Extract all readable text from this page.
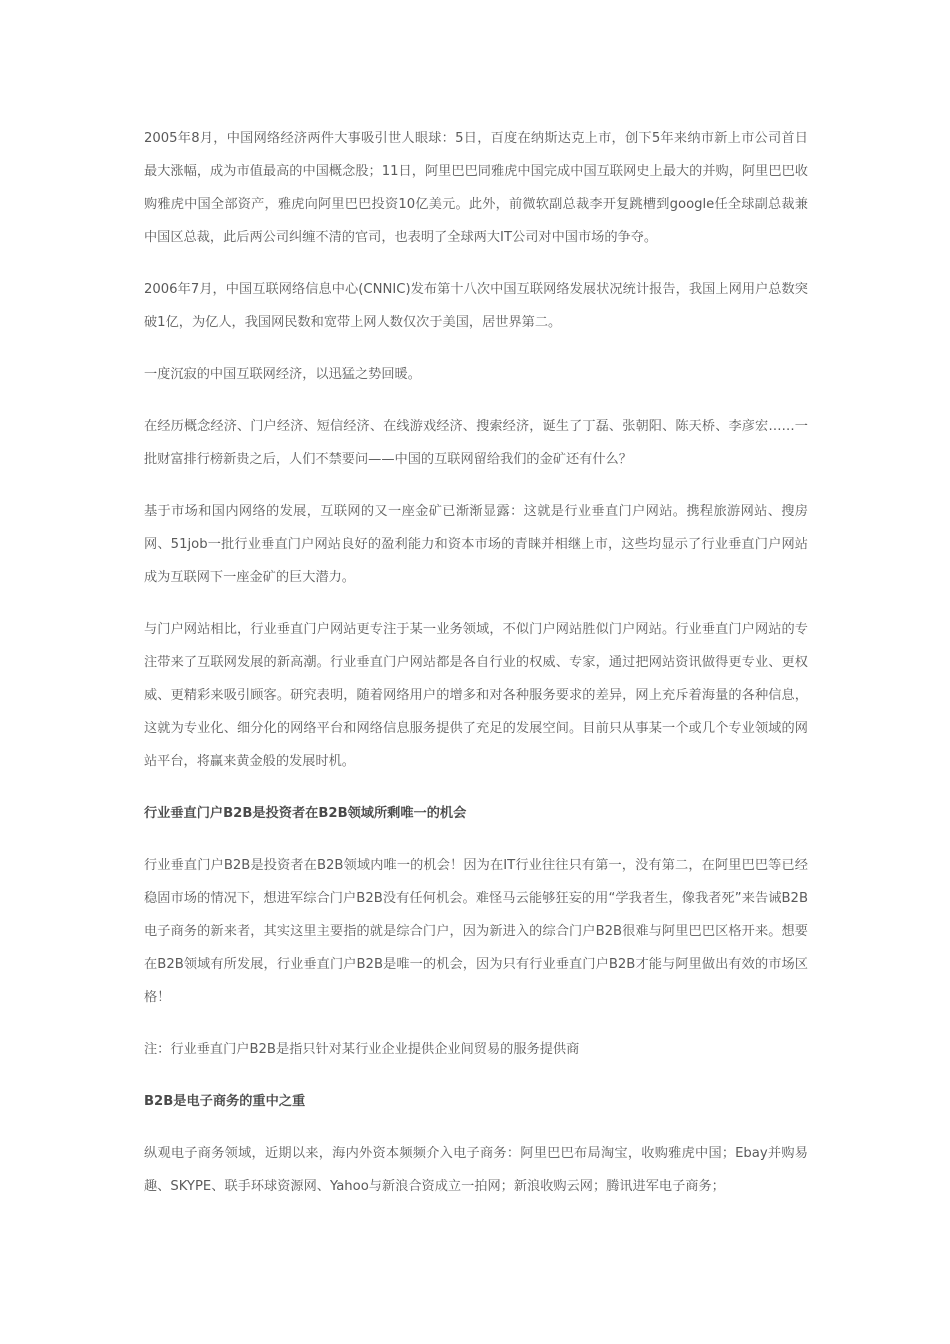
2005年8月，中国网络经济两件大事吸引世人眼球：5日，百度在纳斯达克上市，创下5年来纳市新上市公司首日最大涨幅，成为市值最高的中国概念股；11日，阿里巴巴同雅虎中国完成中国互联网史上最大的并购，阿里巴巴收购雅虎中国全部资产，雅虎向阿里巴巴投资10亿美元。此外，前微软副总裁李开复跳槽到google任全球副总裁兼中国区总裁，此后两公司纠缠不清的官司，也表明了全球两大IT公司对中国市场的争夺。

2006年7月，中国互联网络信息中心(CNNIC)发布第十八次中国互联网络发展状况统计报告，我国上网用户总数突破1亿，为亿人，我国网民数和宽带上网人数仅次于美国，居世界第二。

一度沉寂的中国互联网经济，以迅猛之势回暖。

在经历概念经济、门户经济、短信经济、在线游戏经济、搜索经济，诞生了丁磊、张朝阳、陈天桥、李彦宏……一批财富排行榜新贵之后，人们不禁要问——中国的互联网留给我们的金矿还有什么？

基于市场和国内网络的发展，互联网的又一座金矿已渐渐显露：这就是行业垂直门户网站。携程旅游网站、搜房网、51job一批行业垂直门户网站良好的盈利能力和资本市场的青睐并相继上市，这些均显示了行业垂直门户网站成为互联网下一座金矿的巨大潜力。

与门户网站相比，行业垂直门户网站更专注于某一业务领域，不似门户网站胜似门户网站。行业垂直门户网站的专注带来了互联网发展的新高潮。行业垂直门户网站都是各自行业的权威、专家，通过把网站资讯做得更专业、更权威、更精彩来吸引顾客。研究表明，随着网络用户的增多和对各种服务要求的差异，网上充斥着海量的各种信息，这就为专业化、细分化的网络平台和网络信息服务提供了充足的发展空间。目前只从事某一个或几个专业领域的网站平台，将赢来黄金般的发展时机。

行业垂直门户B2B是投资者在B2B领域所剩唯一的机会

行业垂直门户B2B是投资者在B2B领域内唯一的机会！因为在IT行业往往只有第一，没有第二，在阿里巴巴等已经稳固市场的情况下，想进军综合门户B2B没有任何机会。难怪马云能够狂妄的用“学我者生，像我者死”来告诫B2B电子商务的新来者，其实这里主要指的就是综合门户，因为新进入的综合门户B2B很难与阿里巴巴区格开来。想要在B2B领域有所发展，行业垂直门户B2B是唯一的机会，因为只有行业垂直门户B2B才能与阿里做出有效的市场区格！

注：行业垂直门户B2B是指只针对某行业企业提供企业间贸易的服务提供商

B2B是电子商务的重中之重

纵观电子商务领域，近期以来，海内外资本频频介入电子商务：阿里巴巴布局淘宝，收购雅虎中国；Ebay并购易趣、SKYPE、联手环球资源网、Yahoo与新浪合资成立一拍网；新浪收购云网；腾讯进军电子商务；
